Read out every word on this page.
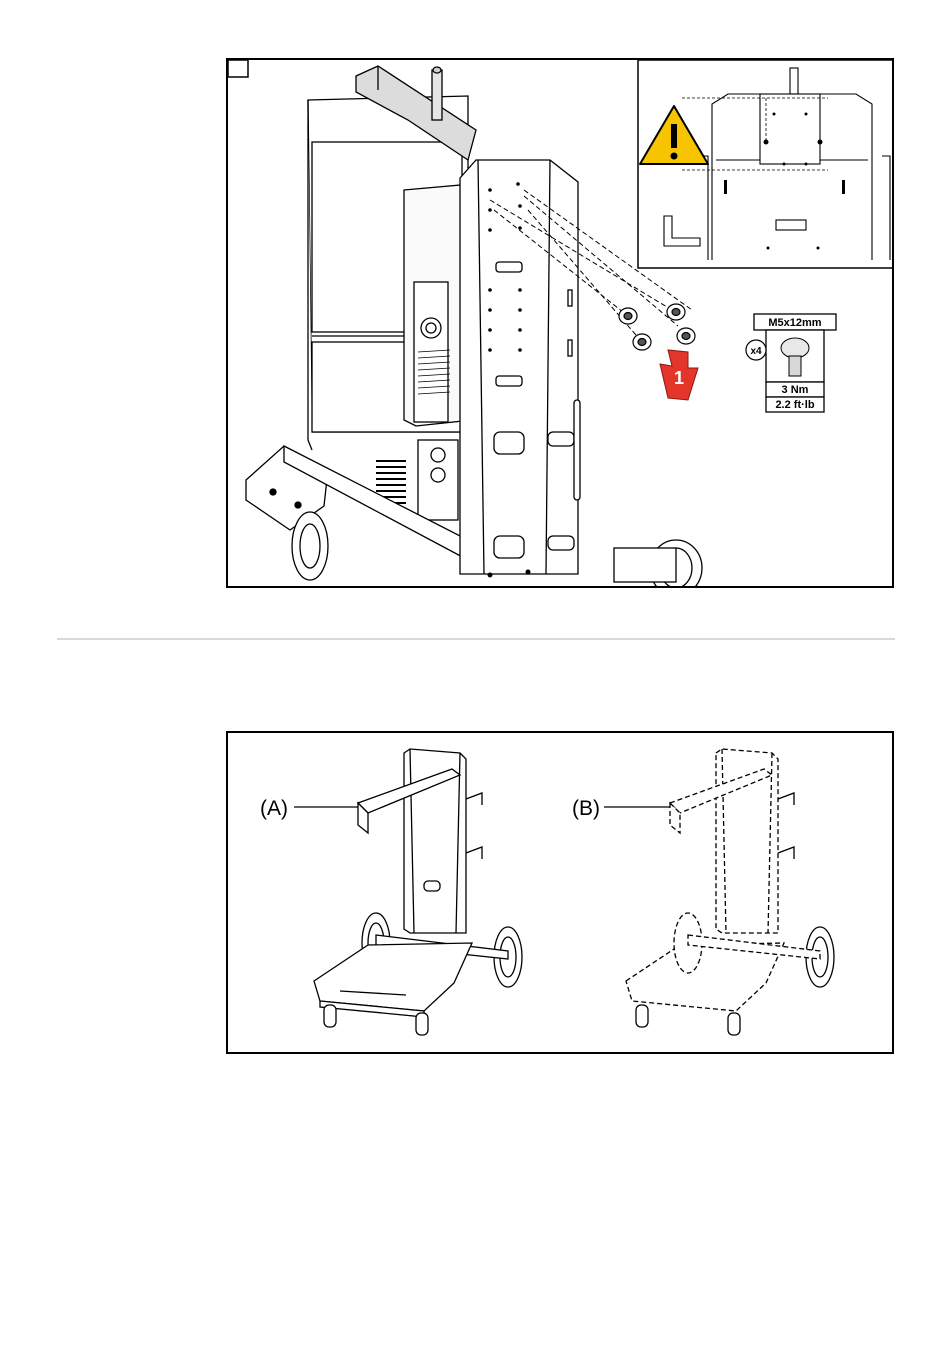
1
M5x12mm
x4
3 Nm
2.2 ft·lb
(A)	(B)
